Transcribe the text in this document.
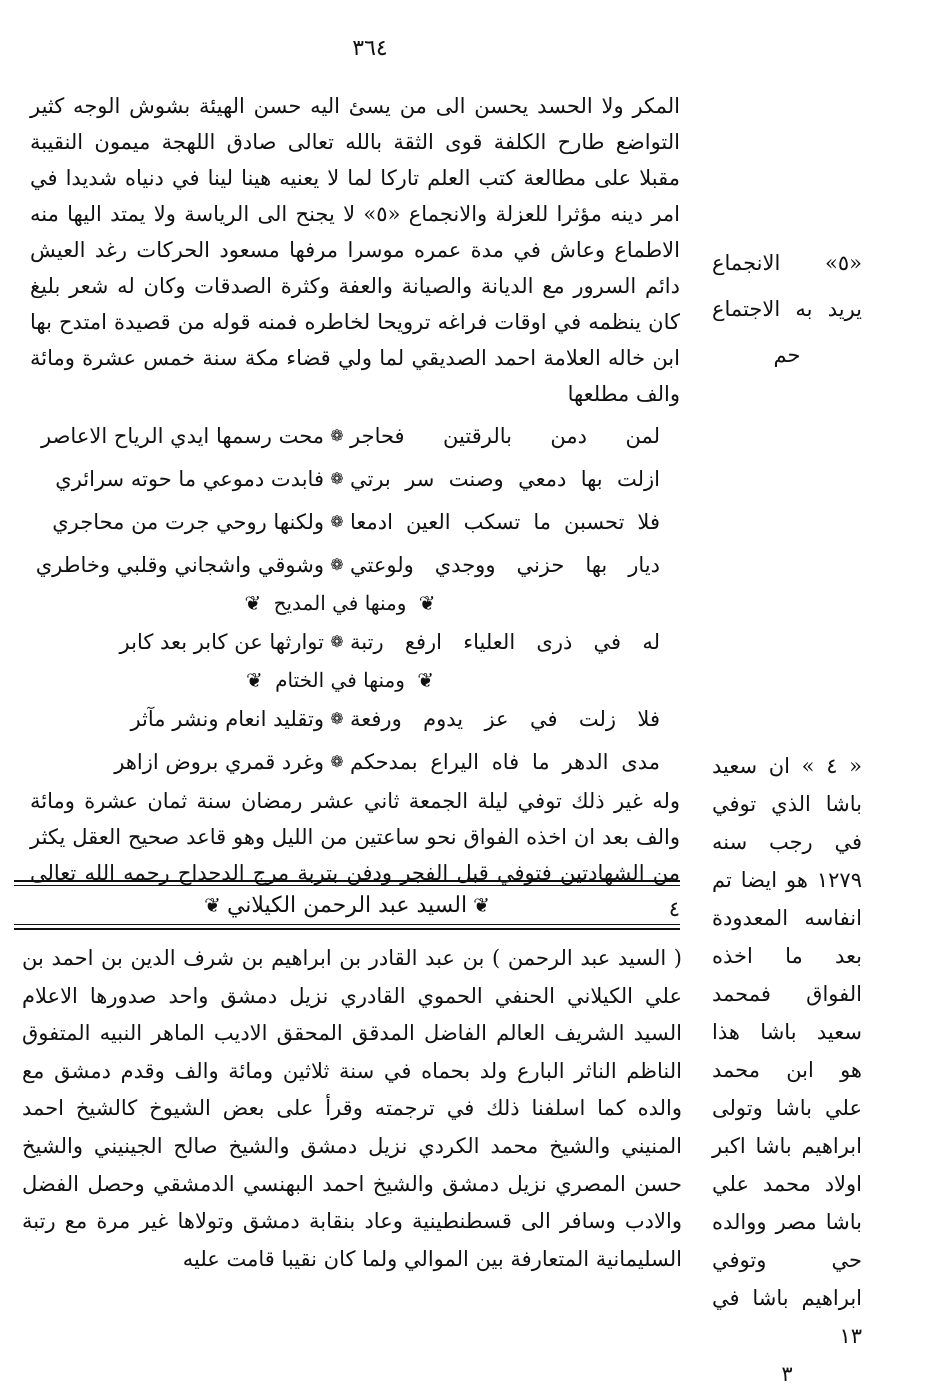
٣٦٤

المكر ولا الحسد يحسن الى من يسئ اليه حسن الهيئة بشوش الوجه كثير التواضع طارح الكلفة قوى الثقة بالله تعالى صادق اللهجة ميمون النقيبة مقبلا على مطالعة كتب العلم تاركا لما لا يعنيه هينا لينا في دنياه شديدا في امر دينه مؤثرا للعزلة والانجماع «٥» لا يجنح الى الرياسة ولا يمتد اليها منه الاطماع وعاش في مدة عمره موسرا مرفها مسعود الحركات رغد العيش دائم السرور مع الديانة والصيانة والعفة وكثرة الصدقات وكان له شعر بليغ كان ينظمه في اوقات فراغه ترويحا لخاطره فمنه قوله من قصيدة امتدح بها ابن خاله العلامة احمد الصديقي لما ولي قضاء مكة سنة خمس عشرة ومائة والف مطلعها

لمن دمن بالرقتين فحاجر
❁
محت رسمها ايدي الرياح الاعاصر
ازلت بها دمعي وصنت سر برتي
❁
فابدت دموعي ما حوته سرائري
فلا تحسبن ما تسكب العين ادمعا
❁
ولكنها روحي جرت من محاجري
ديار بها حزني ووجدي ولوعتي
❁
وشوقي واشجاني وقلبي وخاطري
❦ ومنها في المديح ❦
له في ذرى العلياء ارفع رتبة
❁
توارثها عن كابر بعد كابر
❦ ومنها في الختام ❦
فلا زلت في عز يدوم ورفعة
❁
وتقليد انعام ونشر مآثر
مدى الدهر ما فاه اليراع بمدحكم
❁
وغرد قمري بروض ازاهر

وله غير ذلك توفي ليلة الجمعة ثاني عشر رمضان سنة ثمان عشرة ومائة والف بعد ان اخذه الفواق نحو ساعتين من الليل وهو قاعد صحيح العقل يكثر من الشهادتين فتوفي قبل الفجر ودفن بتربة مرج الدحداح رحمه الله تعالى ٤

❦
السيد عبد الرحمن الكيلاني
❦

( السيد عبد الرحمن ) بن عبد القادر بن ابراهيم بن شرف الدين بن احمد بن علي الكيلاني الحنفي الحموي القادري نزيل دمشق واحد صدورها الاعلام السيد الشريف العالم الفاضل المدقق المحقق الاديب الماهر النبيه المتفوق الناظم الناثر البارع ولد بحماه في سنة ثلاثين ومائة والف وقدم دمشق مع والده كما اسلفنا ذلك في ترجمته وقرأ على بعض الشيوخ كالشيخ احمد المنيني والشيخ محمد الكردي نزيل دمشق والشيخ صالح الجينيني والشيخ حسن المصري نزيل دمشق والشيخ احمد البهنسي الدمشقي وحصل الفضل والادب وسافر الى قسطنطينية وعاد بنقابة دمشق وتولاها غير مرة مع رتبة السليمانية المتعارفة بين الموالي ولما كان نقيبا قامت عليه

«٥» الانجماع
يريد به الاجتماع
حم
« ٤ » ان سعيد باشا الذي توفي في رجب سنه ١٢٧٩ هو ايضا تم انفاسه المعدودة بعد ما اخذه الفواق فمحمد سعيد باشا هذا هو ابن محمد علي باشا وتولى ابراهيم باشا اكبر اولاد محمد علي باشا مصر ووالده حي وتوفي ابراهيم باشا في ١٣
٣
